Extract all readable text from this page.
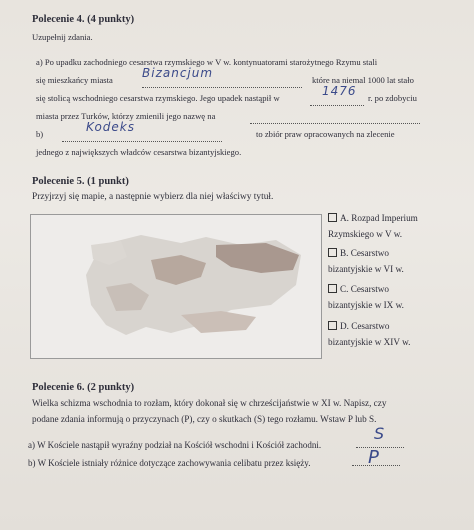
Polecenie 4. (4 punkty)
Uzupełnij zdania.
a) Po upadku zachodniego cesarstwa rzymskiego w V w. kontynuatorami starożytnego Rzymu stali
się mieszkańcy miasta Bizancjum	które na niemal 1000 lat stało
się stolicą wschodniego cesarstwa rzymskiego. Jego upadek nastąpił w	1476 r. po zdobyciu
miasta przez Turków, którzy zmienili jego nazwę na
b)	Kodeks	to zbiór praw opracowanych na zlecenie
jednego z największych władców cesarstwa bizantyjskiego.
Polecenie 5. (1 punkt)
Przyjrzyj się mapie, a następnie wybierz dla niej właściwy tytuł.
A. Rozpad Imperium
Rzymskiego w V w.
B. Cesarstwo
bizantyjskie w VI w.
C. Cesarstwo
bizantyjskie w IX w.
D. Cesarstwo
bizantyjskie w XIV w.
Polecenie 6. (2 punkty)
Wielka schizma wschodnia to rozłam, który dokonał się w chrześcijaństwie w XI w. Napisz, czy
podane zdania informują o przyczynach (P), czy o skutkach (S) tego rozłamu. Wstaw P lub S.
a) W Kościele nastąpił wyraźny podział na Kościół wschodni i Kościół zachodni.
S
b) W Kościele istniały różnice dotyczące zachowywania celibatu przez księży.	P
